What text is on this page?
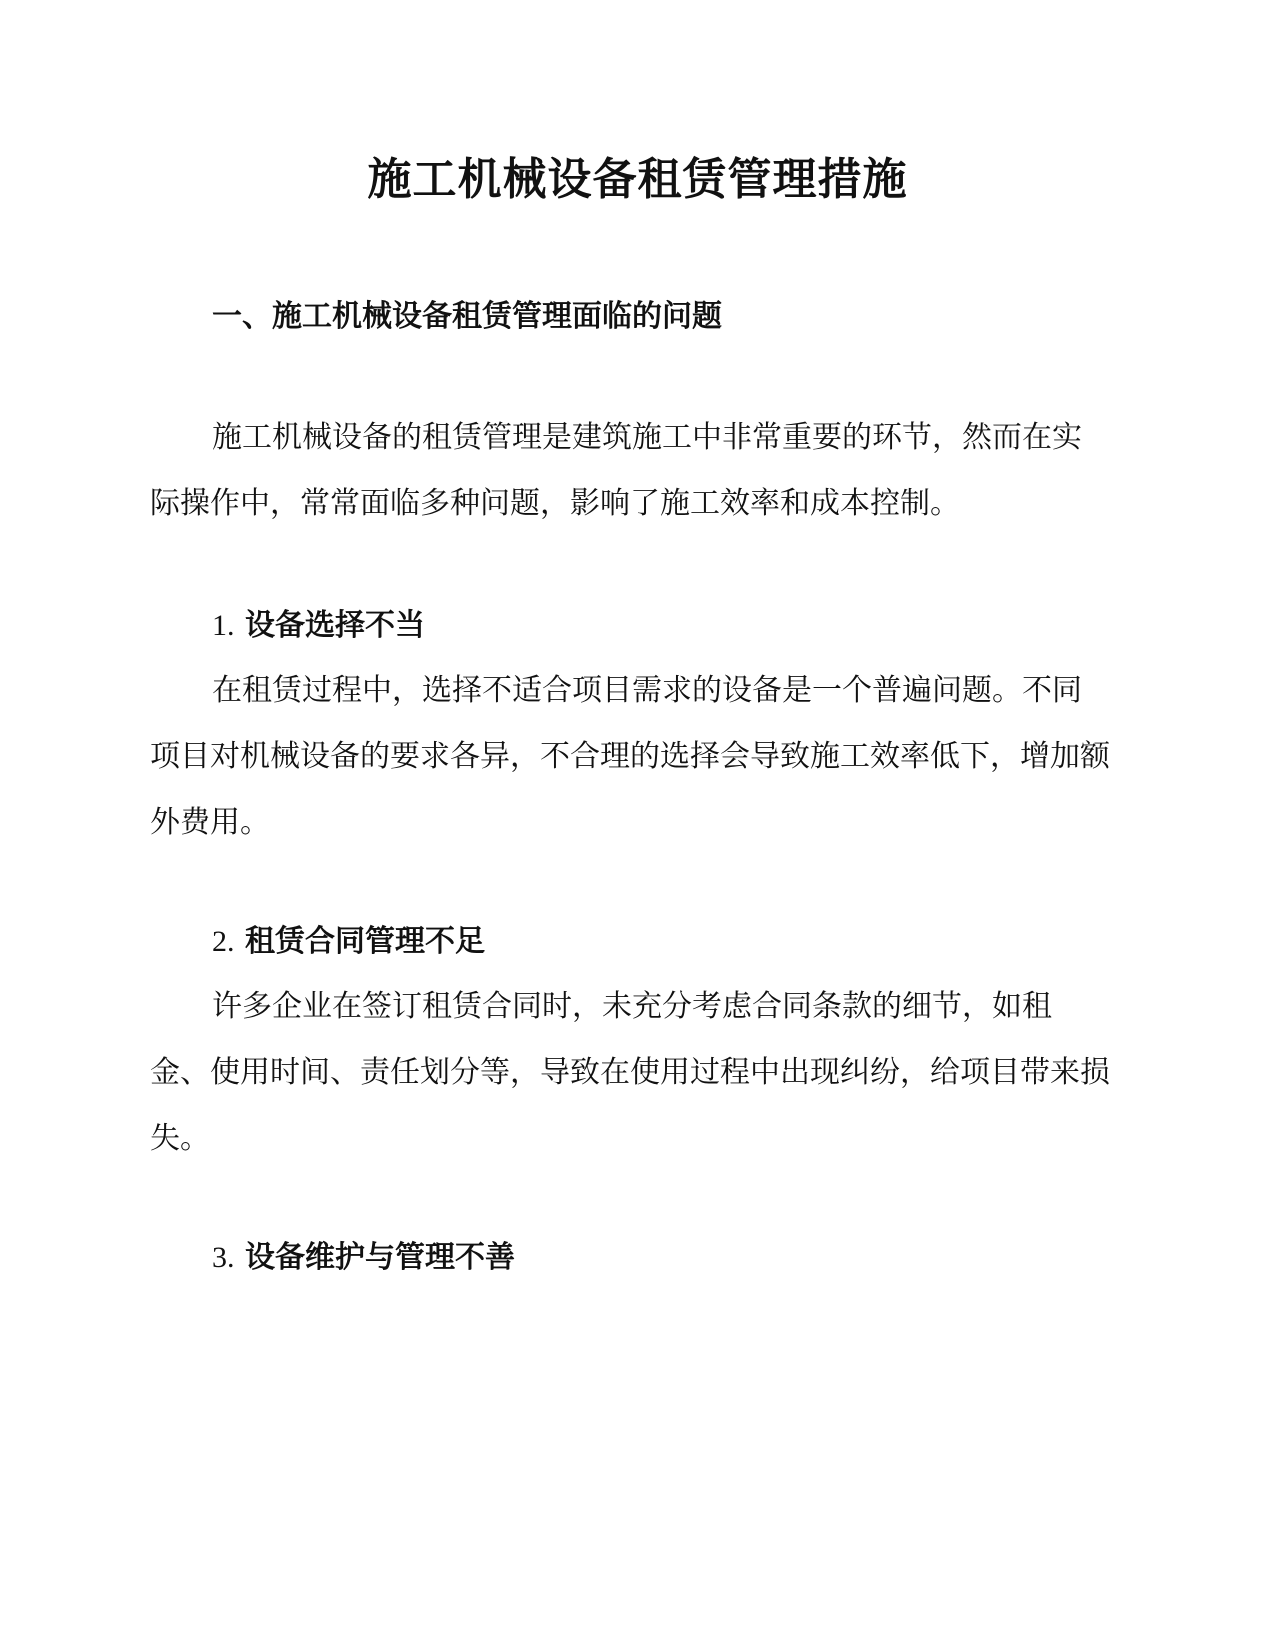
施工机械设备租赁管理措施
一、施工机械设备租赁管理面临的问题

施工机械设备的租赁管理是建筑施工中非常重要的环节，然而在实际操作中，常常面临多种问题，影响了施工效率和成本控制。

1. 设备选择不当

在租赁过程中，选择不适合项目需求的设备是一个普遍问题。不同项目对机械设备的要求各异，不合理的选择会导致施工效率低下，增加额外费用。

2. 租赁合同管理不足

许多企业在签订租赁合同时，未充分考虑合同条款的细节，如租金、使用时间、责任划分等，导致在使用过程中出现纠纷，给项目带来损失。

3. 设备维护与管理不善
